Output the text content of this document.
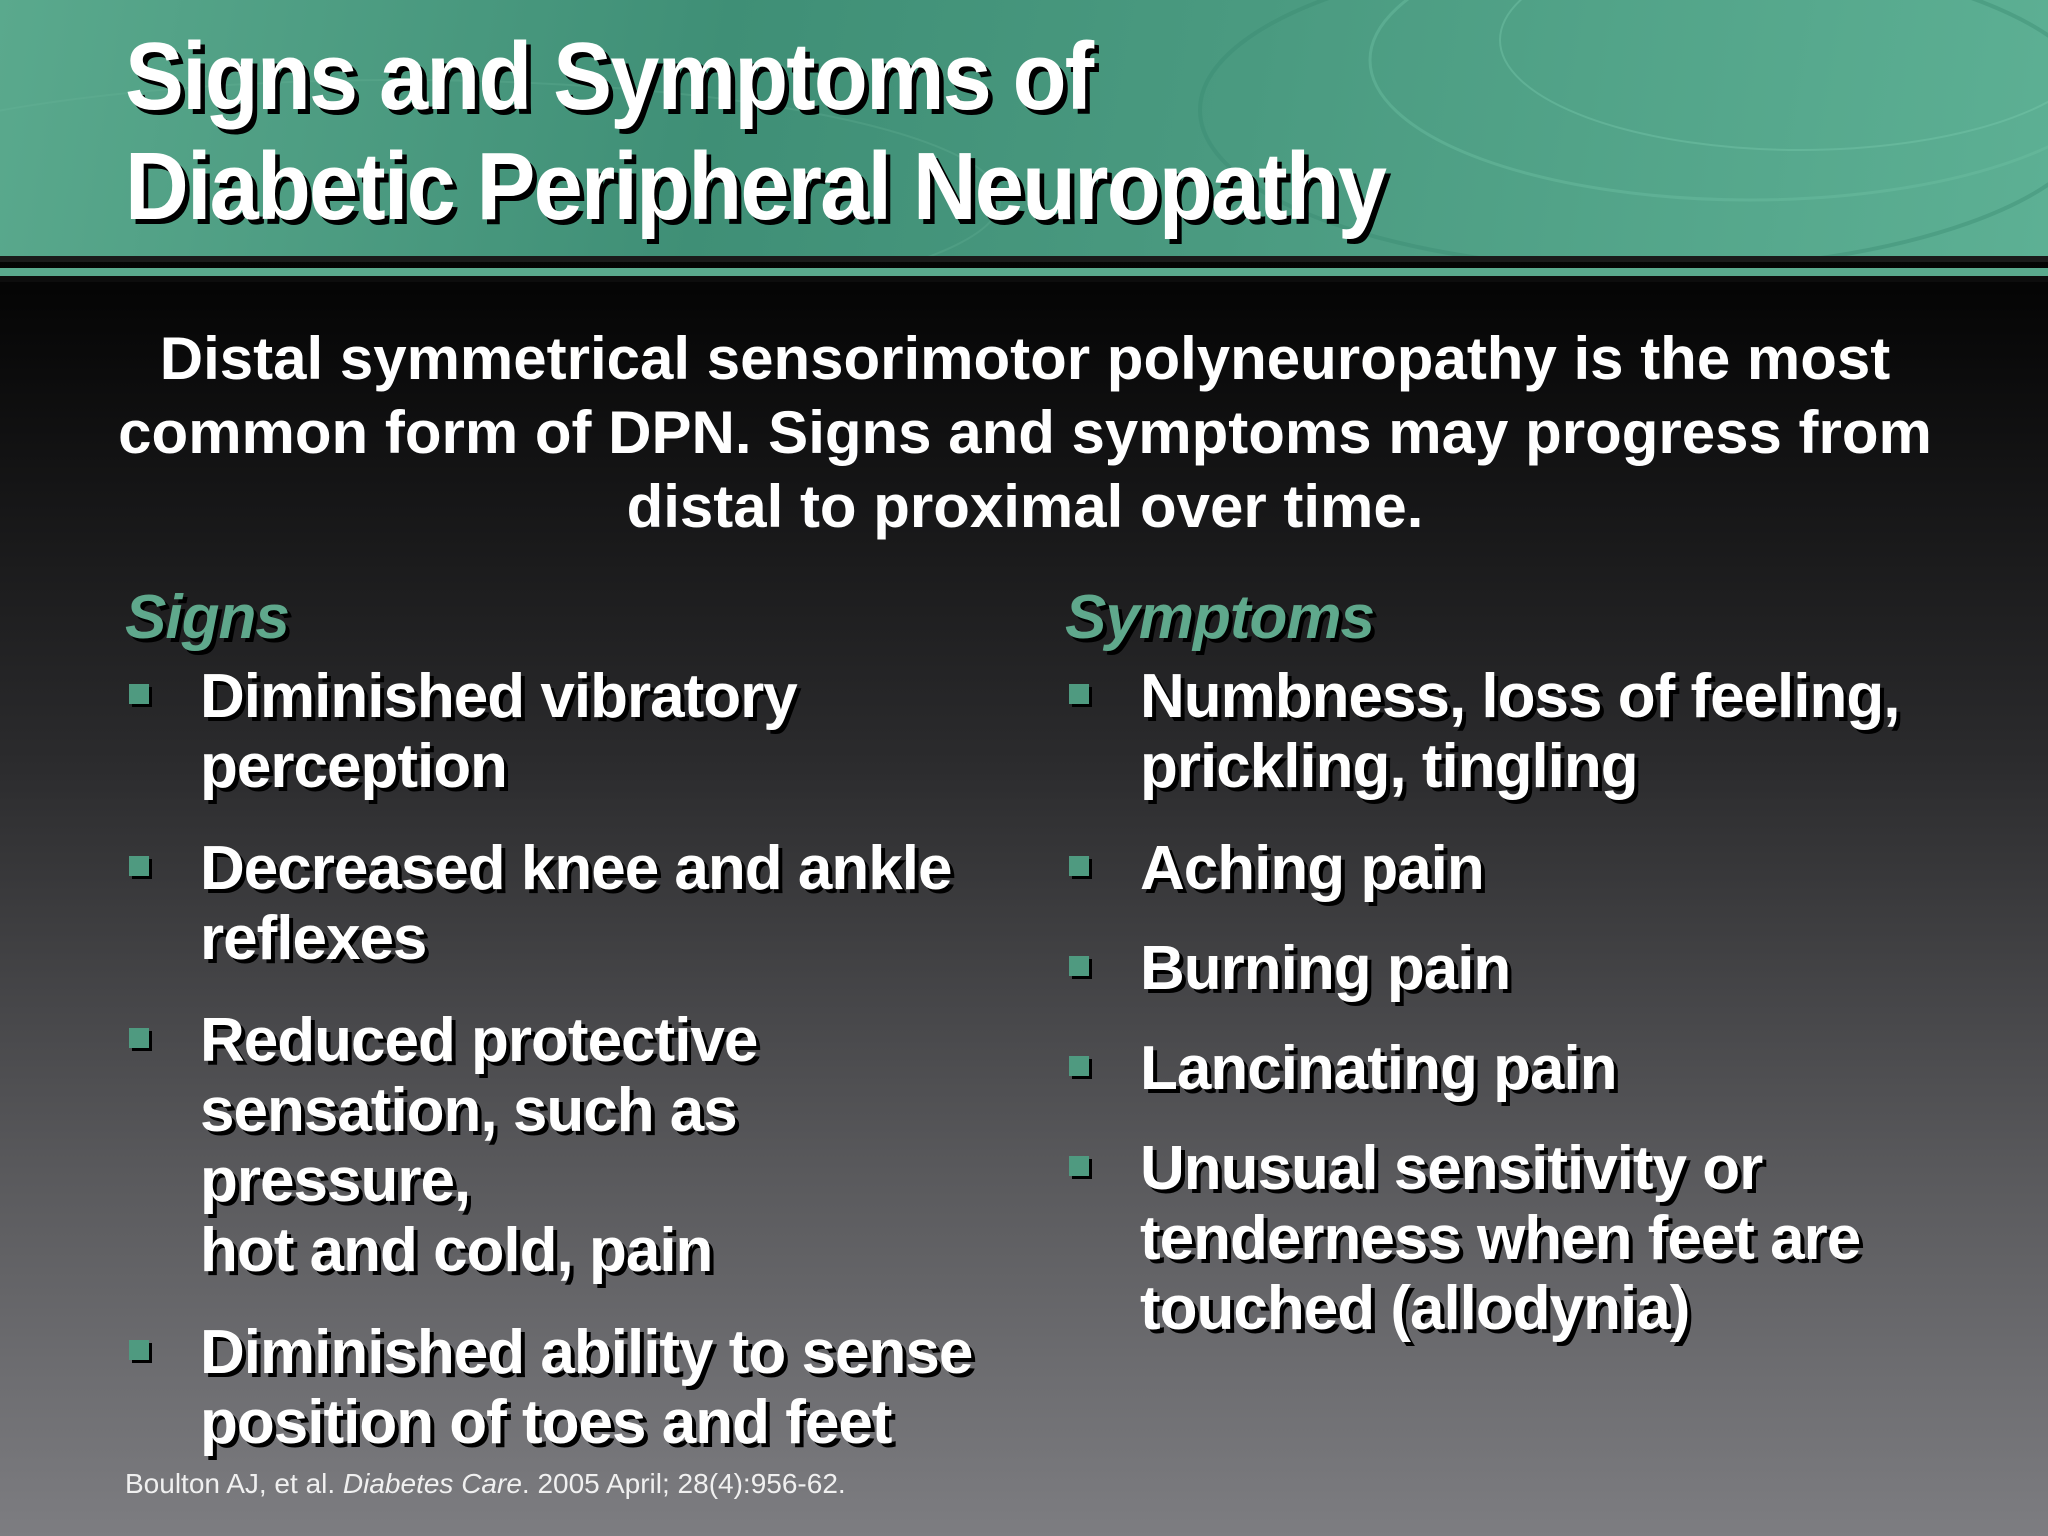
Signs and Symptoms of
Diabetic Peripheral Neuropathy

Distal symmetrical sensorimotor polyneuropathy is the most
common form of DPN. Signs and symptoms may progress from
distal to proximal over time.

Signs
Diminished vibratory
perception
Decreased knee and ankle
reflexes
Reduced protective
sensation, such as pressure,
hot and cold, pain
Diminished ability to sense
position of toes and feet
Symptoms
Numbness, loss of feeling,
prickling, tingling
Aching pain
Burning pain
Lancinating pain
Unusual sensitivity or
tenderness when feet are
touched (allodynia)

Boulton AJ, et al. Diabetes Care. 2005 April; 28(4):956-62.
